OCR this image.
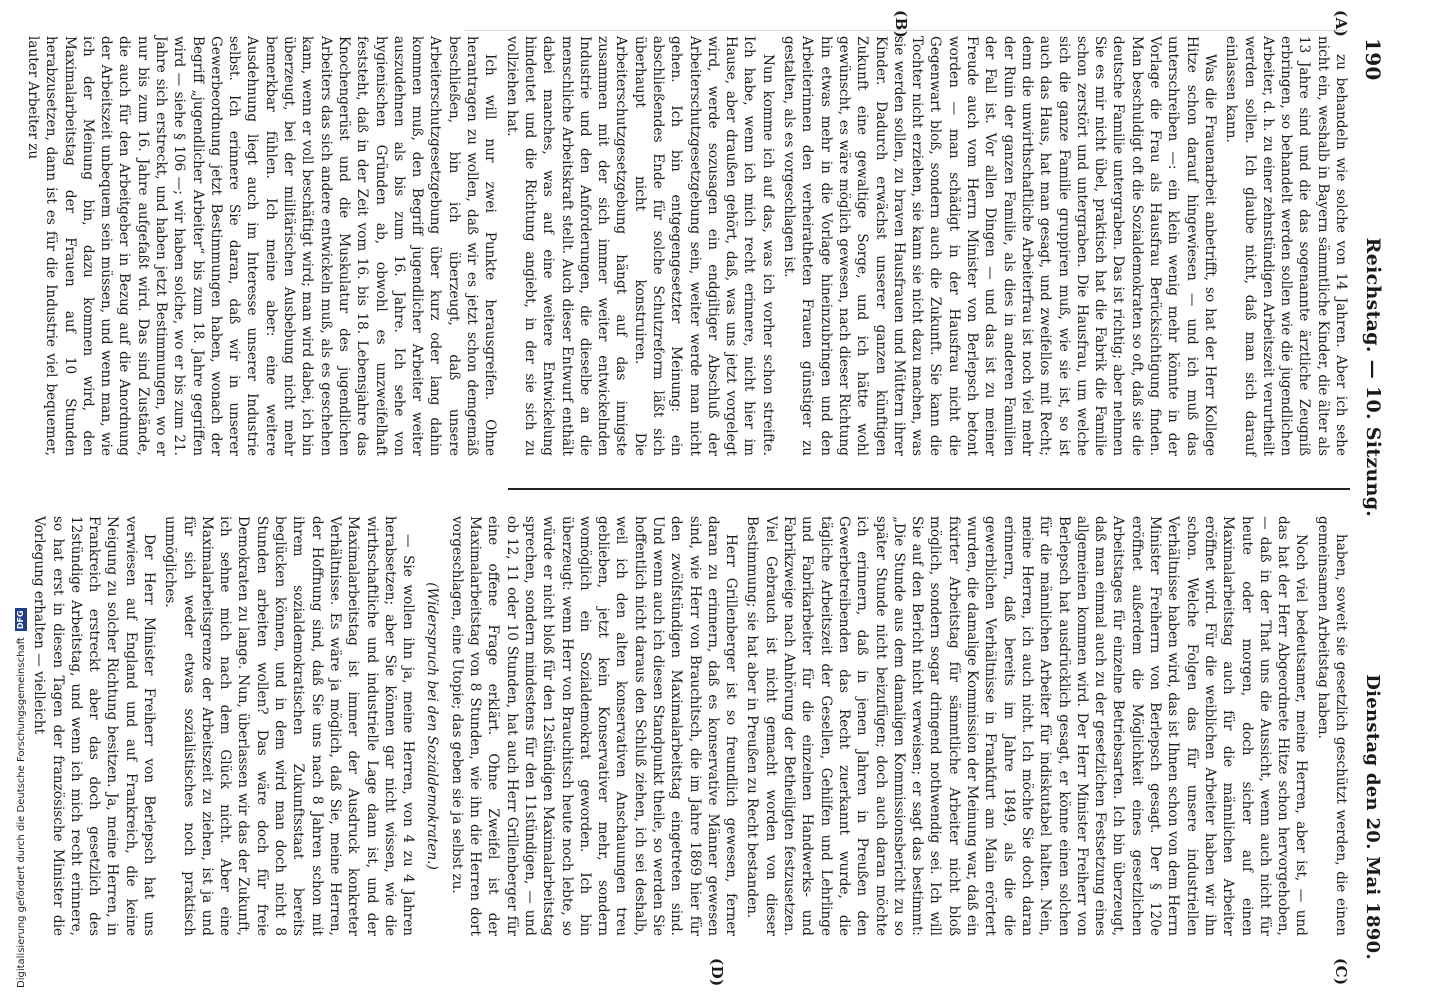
190
Reichstag. — 10. Sitzung.
Dienstag den 20. Mai 1890.
(A)
(B)
(C)
(D)

zu behandeln wie solche von 14 Jahren. Aber ich sehe nicht ein, weshalb in Bayern sämmtliche Kinder, die älter als 13 Jahre sind und die das sogenannte ärztliche Zeugniß erbringen, so behandelt werden sollen wie die jugendlichen Arbeiter, d. h. zu einer zehnstündigen Arbeitszeit verurtheilt werden sollen. Ich glaube nicht, daß man sich darauf einlassen kann.

Was die Frauenarbeit anbetrifft, so hat der Herr Kollege Hitze schon darauf hingewiesen — und ich muß das unterschreiben —: ein klein wenig mehr könnte in der Vorlage die Frau als Hausfrau Berücksichtigung finden. Man beschuldigt oft die Sozialdemokraten so oft, daß sie die deutsche Familie untergraben. Das ist richtig; aber nehmen Sie es mir nicht übel, praktisch hat die Fabrik die Familie schon zerstört und untergraben. Die Hausfrau, um welche sich die ganze Familie gruppiren muß, wie sie ist, so ist auch das Haus, hat man gesagt, und zweifellos mit Recht; denn die unwirthschaftliche Arbeiterfrau ist noch viel mehr der Ruin der ganzen Familie, als dies in anderen Familien der Fall ist. Vor allen Dingen — und das ist zu meiner Freude auch vom Herrn Minister von Berlepsch betont worden — man schädigt in der Hausfrau nicht die Gegenwart bloß, sondern auch die Zukunft. Sie kann die Tochter nicht erziehen, sie kann sie nicht dazu machen, was sie werden sollen, zu braven Hausfrauen und Müttern ihrer Kinder. Dadurch erwächst unserer ganzen künftigen Zukunft eine gewaltige Sorge, und ich hätte wohl gewünscht, es wäre möglich gewesen, nach dieser Richtung hin etwas mehr in die Vorlage hineinzubringen und den Arbeiterinnen den verheiratheten Frauen günstiger zu gestalten, als es vorgeschlagen ist.

Nun komme ich auf das, was ich vorher schon streifte. Ich habe, wenn ich mich recht erinnere, nicht hier im Hause, aber draußen gehört, daß, was uns jetzt vorgelegt wird, werde sozusagen ein endgiltiger Abschluß der Arbeiterschutzgesetzgebung sein, weiter werde man nicht gehen. Ich bin entgegengesetzter Meinung: ein abschließendes Ende für solche Schutzreform läßt sich überhaupt nicht konstruiren. Die Arbeiterschutzgesetzgebung hängt auf das innigste zusammen mit der sich immer weiter entwickelnden Industrie und den Anforderungen, die dieselbe an die menschliche Arbeitskraft stellt. Auch dieser Entwurf enthält dabei manches, was auf eine weitere Entwickelung hindeutet und die Richtung angiebt, in der sie sich zu vollziehen hat.

Ich will nur zwei Punkte herausgreifen. Ohne herantragen zu wollen, daß wir es jetzt schon demgemäß beschließen, bin ich überzeugt, daß unsere Arbeiterschutzgesetzgebung über kurz oder lang dahin kommen muß, den Begriff jugendlicher Arbeiter weiter auszudehnen als bis zum 16. Jahre. Ich sehe von hygienischen Gründen ab, obwohl es unzweifelhaft feststeht, daß in der Zeit vom 16. bis 18. Lebensjahre das Knochengerüst und die Muskulatur des jugendlichen Arbeiters das sich andere entwickeln muß, als es geschehen kann, wenn er voll beschäftigt wird; man wird dabei, ich bin überzeugt, bei der militärischen Ausbebung nicht mehr bemerkbar fühlen. Ich meine aber: eine weitere Ausdehnung liegt auch im Interesse unserer Industrie selbst. Ich erinnere Sie daran, daß wir in unserer Gewerbeordnung jetzt Bestimmungen haben, wonach der Begriff „jugendlicher Arbeiter“ bis zum 18. Jahre gegriffen wird — siehe § 106 —; wir haben solche, wo er bis zum 21. Jahre sich erstreckt, und haben jetzt Bestimmungen, wo er nur bis zum 16. Jahre aufgefaßt wird. Das sind Zustände, die auch für den Arbeitgeber in Bezug auf die Anordnung der Arbeitszeit unbequem sein müssen, und wenn man, wie ich der Meinung bin, dazu kommen wird, den Maximalarbeitstag der Frauen auf 10 Stunden herabzusetzen, dann ist es für die Industrie viel bequemer, lauter Arbeiter zu

haben, soweit sie gesetzlich geschützt werden, die einen gemeinsamen Arbeitstag haben.

Noch viel bedeutsamer, meine Herren, aber ist, — und das hat der Herr Abgeordnete Hitze schon hervorgehoben, — daß in der That uns die Aussicht, wenn auch nicht für heute oder morgen, doch sicher auf einen Maximalarbeitstag auch für die männlichen Arbeiter eröffnet wird. Für die weiblichen Arbeiter haben wir ihn schon. Welche Folgen das für unsere industriellen Verhältnisse haben wird, das ist Ihnen schon von dem Herrn Minister Freiherrn von Berlepsch gesagt. Der § 120e eröffnet außerdem die Möglichkeit eines gesetzlichen Arbeitstages für einzelne Betriebsarten. Ich bin überzeugt, daß man einmal auch zu der gesetzlichen Festsetzung eines allgemeinen kommen wird. Der Herr Minister Freiherr von Berlepsch hat ausdrücklich gesagt, er könne einen solchen für die männlichen Arbeiter für indiskutabel halten. Nein, meine Herren, ich auch nicht. Ich möchte Sie doch daran erinnern, daß bereits im Jahre 1849, als die die gewerblichen Verhältnisse in Frankfurt am Main erörtert wurden, die damalige Kommission der Meinung war, daß ein fixirter Arbeitstag für sämmtliche Arbeiter nicht bloß möglich, sondern sogar dringend nothwendig sei. Ich will Sie auf den Bericht nicht verweisen; er sagt das bestimmt: „Die Stunde aus dem damaligen Kommissionsbericht zu so später Stunde nicht beizufügen; doch auch daran möchte ich erinnern, daß in jenen Jahren in Preußen den Gewerbetreibenden das Recht zuerkannt wurde, die tägliche Arbeitszeit der Gesellen, Gehilfen und Lehrlinge und Fabrikarbeiter für die einzelnen Handwerks- und Fabrikzweige nach Anhörung der Betheiligten festzusetzen. Viel Gebrauch ist nicht gemacht worden von dieser Bestimmung; sie hat aber in Preußen zu Recht bestanden.

Herr Grillenberger ist so freundlich gewesen, ferner daran zu erinnern, daß es konservative Männer gewesen sind, wie Herr von Brauchitsch, die im Jahre 1869 hier für den zwölfstündigen Maximalarbeitstag eingetreten sind. Und wenn auch ich diesen Standpunkt theile, so werden Sie hoffentlich nicht daraus den Schluß ziehen, ich sei deshalb, weil ich den alten konservativen Anschauungen treu geblieben, jetzt kein Konservativer mehr, sondern womöglich ein Sozialdemokrat geworden. Ich bin überzeugt: wenn Herr von Brauchitsch heute noch lebte, so würde er nicht bloß für den 12stündigen Maximalarbeitstag sprechen, sondern mindestens für den 11stündigen, — und ob 12, 11 oder 10 Stunden, hat auch Herr Grillenberger für eine offene Frage erklärt. Ohne Zweifel ist der Maximalarbeitstag von 8 Stunden, wie ihn die Herren dort vorgeschlagen, eine Utopie; das geben sie ja selbst zu.

(Widerspruch bei den Sozialdemokraten.)

— Sie wollen ihn ja, meine Herren, von 4 zu 4 Jahren herabsetzen; aber Sie können gar nicht wissen, wie die wirthschaftliche und industrielle Lage dann ist, und der Maximalarbeitstag ist immer der Ausdruck konkreter Verhältnisse. Es wäre ja möglich, daß Sie, meine Herren, der Hoffnung sind, daß Sie uns nach 8 Jahren schon mit ihrem sozialdemokratischen Zukunftsstaat bereits beglücken können, und in dem wird man doch nicht 8 Stunden arbeiten wollen? Das wäre doch für freie Demokraten zu lange. Nun, überlassen wir das der Zukunft, ich sehne mich nach dem Glück nicht. Aber eine Maximalarbeitsgrenze der Arbeitszeit zu ziehen, ist ja und für sich weder etwas sozialistisches noch praktisch unmögliches.

Der Herr Minister Freiherr von Berlepsch hat uns verwiesen auf England und auf Frankreich, die keine Neigung zu solcher Richtung besitzen. Ja, meine Herren, in Frankreich erstreckt aber das doch gesetzlich des 12stündige Arbeitstag, und wenn ich mich recht erinnere, so hat erst in diesen Tagen der französische Minister die Vorlegung erhalten — vielleicht

Digitalisierung gefördert durch die Deutsche Forschungsgemeinschaft
DFG
